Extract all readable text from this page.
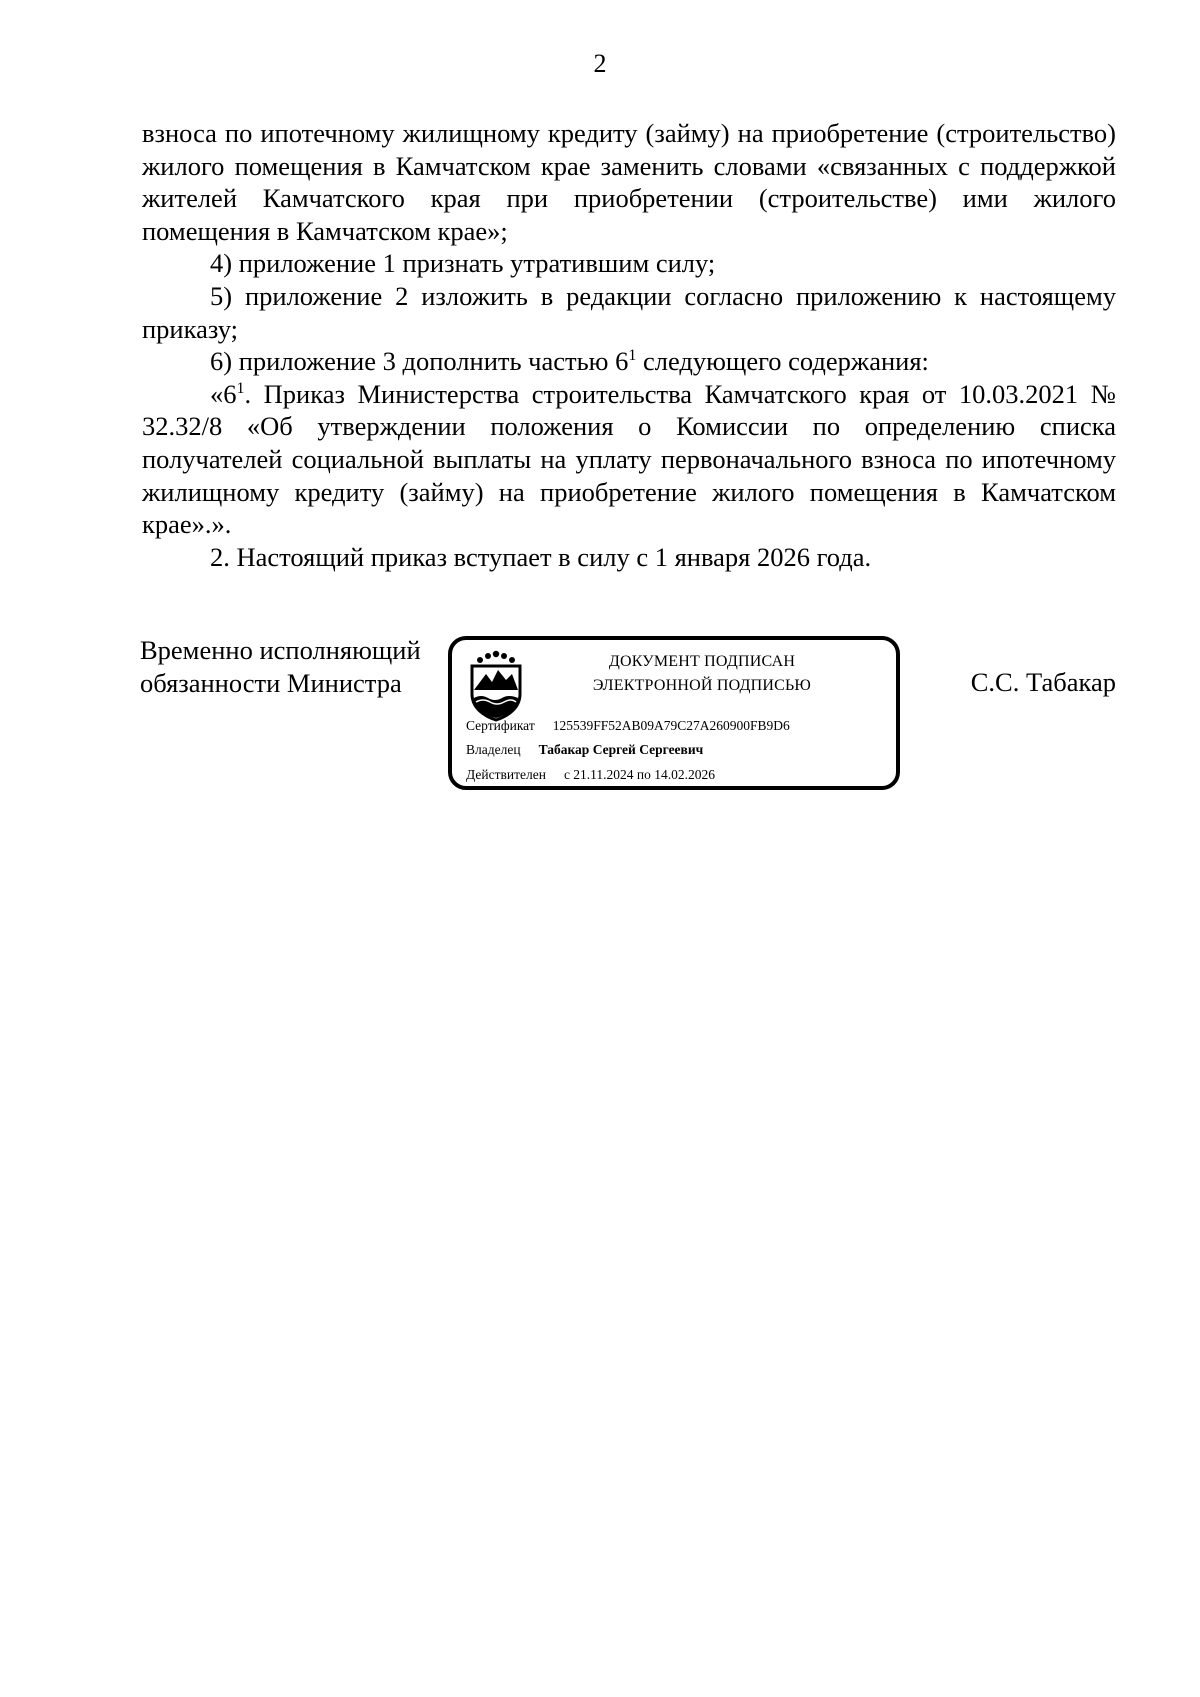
2

взноса по ипотечному жилищному кредиту (займу) на приобретение (строительство) жилого помещения в Камчатском крае заменить словами «связанных с поддержкой жителей Камчатского края при приобретении (строительстве) ими жилого помещения в Камчатском крае»;

4) приложение 1 признать утратившим силу;

5) приложение 2 изложить в редакции согласно приложению к настоящему приказу;

6) приложение 3 дополнить частью $6^1$ следующего содержания:

«$6^1$. Приказ Министерства строительства Камчатского края от 10.03.2021 № 32.32/8 «Об утверждении положения о Комиссии по определению списка получателей социальной выплаты на уплату первоначального взноса по ипотечному жилищному кредиту (займу) на приобретение жилого помещения в Камчатском крае».».

2. Настоящий приказ вступает в силу с 1 января 2026 года.

Временно исполняющий
обязанности Министра
ДОКУМЕНТ ПОДПИСАН
ЭЛЕКТРОННОЙ ПОДПИСЬЮ
Сертификат 125539FF52AB09A79C27A260900FB9D6
Владелец Табакар Сергей Сергеевич
Действителен с 21.11.2024 по 14.02.2026
С.С. Табакар
